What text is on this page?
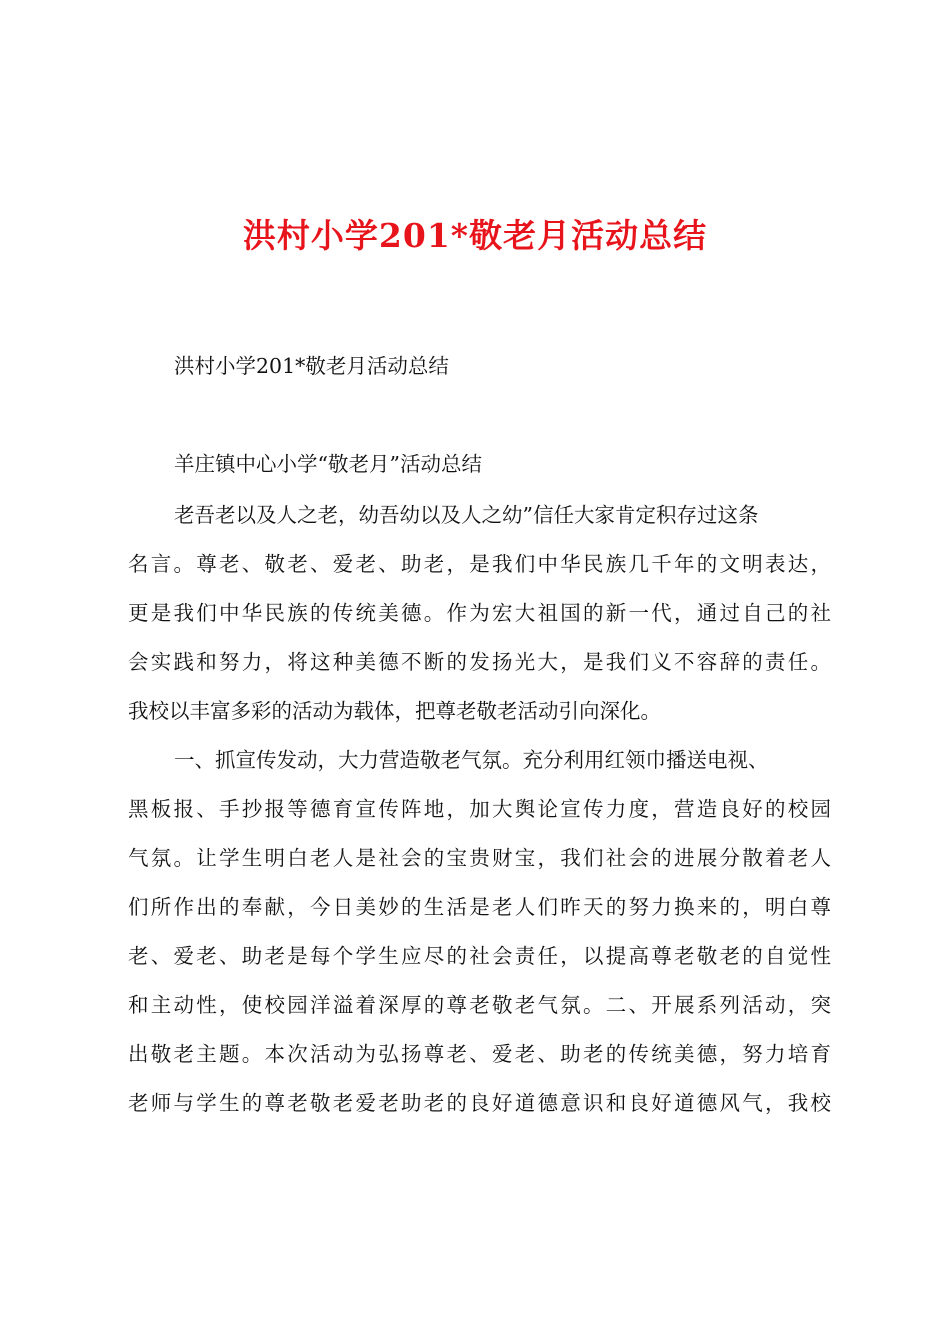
洪村小学201*敬老月活动总结
洪村小学201*敬老月活动总结
羊庄镇中心小学“敬老月”活动总结
老吾老以及人之老，幼吾幼以及人之幼”信任大家肯定积存过这条
名言。尊老、敬老、爱老、助老，是我们中华民族几千年的文明表达，
更是我们中华民族的传统美德。作为宏大祖国的新一代，通过自己的社
会实践和努力，将这种美德不断的发扬光大，是我们义不容辞的责任。
我校以丰富多彩的活动为载体，把尊老敬老活动引向深化。
一、抓宣传发动，大力营造敬老气氛。充分利用红领巾播送电视、
黑板报、手抄报等德育宣传阵地，加大舆论宣传力度，营造良好的校园
气氛。让学生明白老人是社会的宝贵财宝，我们社会的进展分散着老人
们所作出的奉献，今日美妙的生活是老人们昨天的努力换来的，明白尊
老、爱老、助老是每个学生应尽的社会责任，以提高尊老敬老的自觉性
和主动性，使校园洋溢着深厚的尊老敬老气氛。二、开展系列活动，突
出敬老主题。本次活动为弘扬尊老、爱老、助老的传统美德，努力培育
老师与学生的尊老敬老爱老助老的良好道德意识和良好道德风气，我校
